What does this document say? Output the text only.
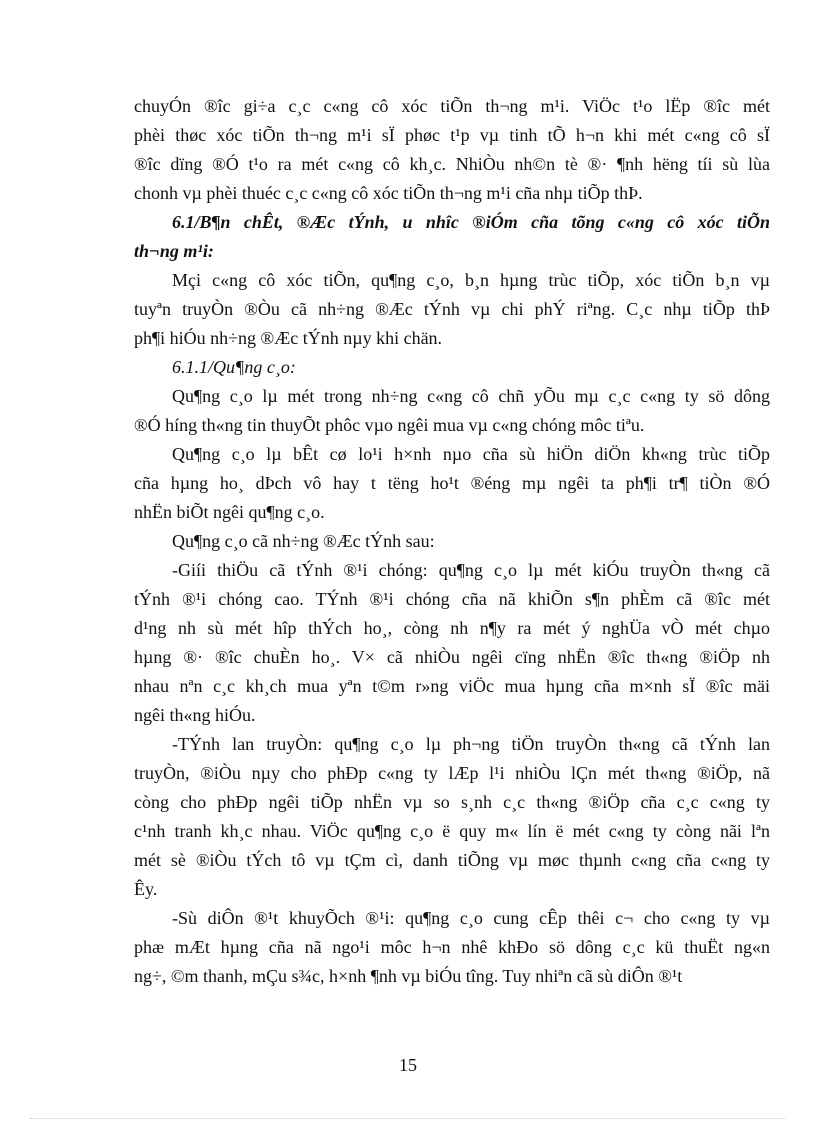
chuyÓn ®îc gi÷a c¸c c«ng cô xóc tiÕn th¬ng m¹i. ViÖc t¹o lËp ®îc mét
phèi thøc xóc tiÕn th¬ng m¹i sÏ phøc t¹p vµ tinh tÕ h¬n khi mét c«ng cô sÏ
®îc dïng ®Ó t¹o ra mét c«ng cô kh¸c. NhiÒu nh©n tè ®· ¶nh hëng tíi sù lùa
chonh vµ phèi thuéc c¸c c«ng cô xóc tiÕn th¬ng m¹i cña nhµ tiÕp thÞ.

6.1/B¶n chÊt, ®Æc tÝnh, u nhîc ®iÓm cña tõng c«ng cô xóc tiÕn
th¬ng m¹i:

Mçi c«ng cô xóc tiÕn, qu¶ng c¸o, b¸n hµng trùc tiÕp, xóc tiÕn b¸n vµ
tuyªn truyÒn ®Òu cã nh÷ng ®Æc tÝnh vµ chi phÝ riªng. C¸c nhµ tiÕp thÞ
ph¶i hiÓu nh÷ng ®Æc tÝnh nµy khi chän.

6.1.1/Qu¶ng c¸o:

Qu¶ng c¸o lµ mét trong nh÷ng c«ng cô chñ yÕu mµ c¸c c«ng ty sö dông
®Ó híng th«ng tin thuyÕt phôc vµo ngêi mua vµ c«ng chóng môc tiªu.

Qu¶ng c¸o lµ bÊt cø lo¹i h×nh nµo cña sù hiÖn diÖn kh«ng trùc tiÕp
cña hµng ho¸ dÞch vô hay t tëng ho¹t ®éng mµ ngêi ta ph¶i tr¶ tiÒn ®Ó
nhËn biÕt ngêi qu¶ng c¸o.

Qu¶ng c¸o cã nh÷ng ®Æc tÝnh sau:

-Giíi thiÖu cã tÝnh ®¹i chóng: qu¶ng c¸o lµ mét kiÓu truyÒn th«ng cã
tÝnh ®¹i chóng cao. TÝnh ®¹i chóng cña nã khiÕn s¶n phÈm cã ®îc mét
d¹ng nh sù mét hîp thÝch ho¸, còng nh n¶y ra mét ý nghÜa vÒ mét chµo
hµng ®· ®îc chuÈn ho¸. V× cã nhiÒu ngêi cïng nhËn ®îc th«ng ®iÖp nh
nhau nªn c¸c kh¸ch mua yªn t©m r»ng viÖc mua hµng cña m×nh sÏ ®îc mäi
ngêi th«ng hiÓu.

-TÝnh lan truyÒn: qu¶ng c¸o lµ ph¬ng tiÖn truyÒn th«ng cã tÝnh lan
truyÒn, ®iÒu nµy cho phÐp c«ng ty lÆp l¹i nhiÒu lÇn mét th«ng ®iÖp, nã
còng cho phÐp ngêi tiÕp nhËn vµ so s¸nh c¸c th«ng ®iÖp cña c¸c c«ng ty
c¹nh tranh kh¸c nhau. ViÖc qu¶ng c¸o ë quy m« lín ë mét c«ng ty còng nãi lªn
mét sè ®iÒu tÝch tô vµ tÇm cì, danh tiÕng vµ møc thµnh c«ng cña c«ng ty
Êy.

-Sù diÔn ®¹t khuyÕch ®¹i: qu¶ng c¸o cung cÊp thêi c¬ cho c«ng ty vµ
phæ mÆt hµng cña nã ngo¹i môc h¬n nhê khÐo sö dông c¸c kü thuËt ng«n
ng÷, ©m thanh, mÇu s¾c, h×nh ¶nh vµ biÓu tîng. Tuy nhiªn cã sù diÔn ®¹t

15
